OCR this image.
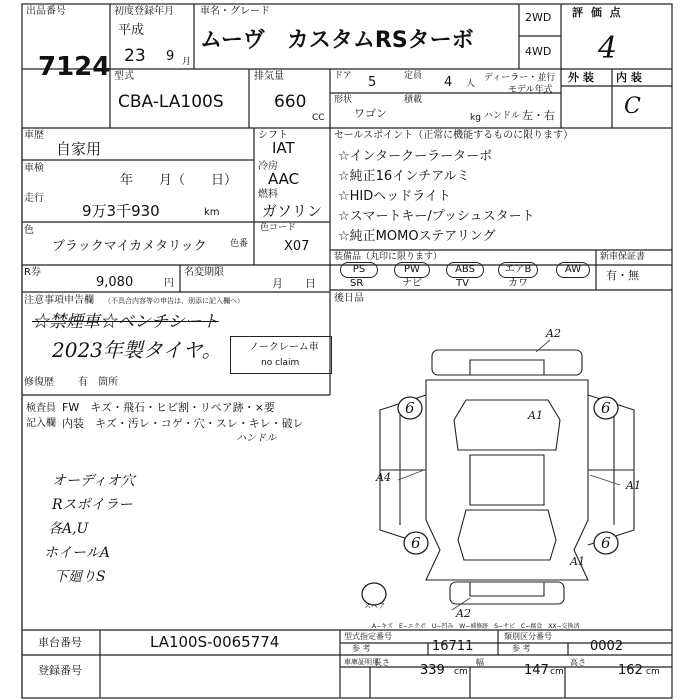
出品番号
7124
初度登録年月
平成
23 9 月
車名・グレード
ムーヴ　カスタムRSターボ
2WD
4WD
評 価 点
4
型式
CBA-LA100S
排気量
660
CC
ドア 5	定員 4 人
ディーラー・並行
モデル年式
形状
ワゴン
積載
kg ハンドル 左・右
外 装 内 装
C
車歴
自家用
車検
年　　月（　　日）
走行
9万3千930	km
シフト
IAT
冷房
AAC
燃料
ガソリン
色
ブラックマイカメタリック	色番
色コード
X07
R券
9,080	円
名変期限
月　　日
セールスポイント（正常に機能するものに限ります）
☆インタークーラーターボ
☆純正16インチアルミ
☆HIDヘッドライト
☆スマートキー/プッシュスタート
☆純正MOMOステアリング
装備品（丸印に限ります）
PS	PW	ABS	エアB	AW
SR	ナビ	TV	カワ
新車保証書
有・無
後日品
注意事項申告欄 （不具合内容等の申告は、別添に記入欄へ）
☆禁煙車☆ベンチシート
2023年製タイヤ。	ノークレーム車
no claim
修復歴 有 箇所
検査員 FW　キズ・飛石・ヒビ割・リペア跡・×要
記入欄 内装　キズ・汚レ・コゲ・穴・スレ・キレ・破レ
ハンドル
オーディオ穴
Rスポイラー
各A,U
ホイールA
下廻りS
A2
A1
A4
A1
A1
A2
6	6
6	6
スペア
A−キズ　E−エクボ　U−凹み　W−補修跡　S−サビ　C−腐食　XX−交換済
車台番号	LA100S-0065774
登録番号
型式指定番号
参 考	16711
類別区分番号
参 考	0002
車庫証明用
長さ
339 cm
幅
147 cm
高さ
162 cm
